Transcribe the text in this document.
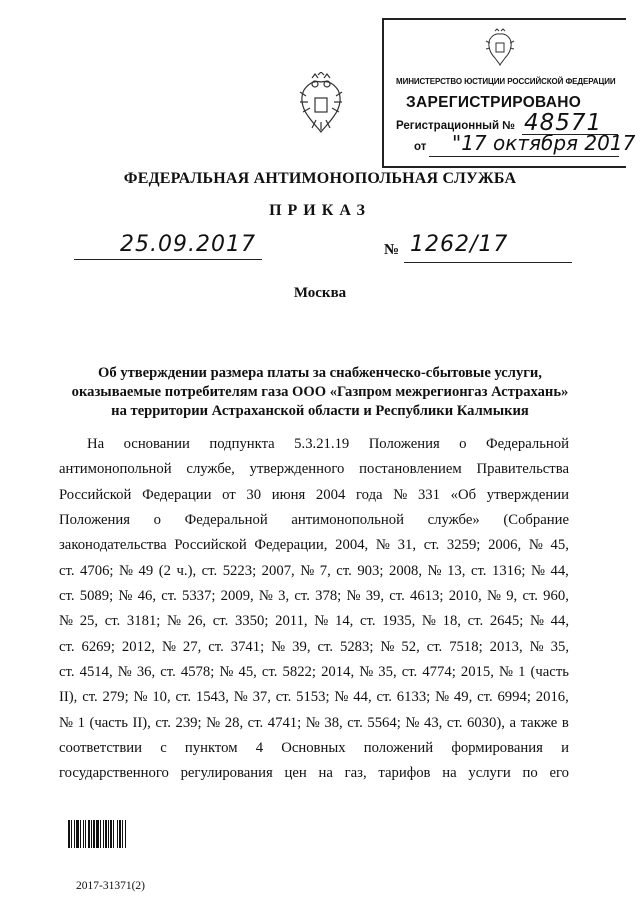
МИНИСТЕРСТВО ЮСТИЦИИ РОССИЙСКОЙ ФЕДЕРАЦИИ
ЗАРЕГИСТРИРОВАНО
Регистрационный № 48571
от "17 октября 2017
ФЕДЕРАЛЬНАЯ АНТИМОНОПОЛЬНАЯ СЛУЖБА
ПРИКАЗ
25.09.2017	№ 1262/17
Москва
Об утверждении размера платы за снабженческо-сбытовые услуги,
оказываемые потребителям газа ООО «Газпром межрегионгаз Астрахань»
на территории Астраханской области и Республики Калмыкия
На основании подпункта 5.3.21.19 Положения о Федеральной
антимонопольной службе, утвержденного постановлением Правительства
Российской Федерации от 30 июня 2004 года № 331 «Об утверждении
Положения о Федеральной антимонопольной службе» (Собрание
законодательства Российской Федерации, 2004, № 31, ст. 3259; 2006, № 45,
ст. 4706; № 49 (2 ч.), ст. 5223; 2007, № 7, ст. 903; 2008, № 13, ст. 1316; № 44,
ст. 5089; № 46, ст. 5337; 2009, № 3, ст. 378; № 39, ст. 4613; 2010, № 9, ст. 960,
№ 25, ст. 3181; № 26, ст. 3350; 2011, № 14, ст. 1935, № 18, ст. 2645; № 44,
ст. 6269; 2012, № 27, ст. 3741; № 39, ст. 5283; № 52, ст. 7518; 2013, № 35,
ст. 4514, № 36, ст. 4578; № 45, ст. 5822; 2014, № 35, ст. 4774; 2015, № 1 (часть
II), ст. 279; № 10, ст. 1543, № 37, ст. 5153; № 44, ст. 6133; № 49, ст. 6994; 2016,
№ 1 (часть II), ст. 239; № 28, ст. 4741; № 38, ст. 5564; № 43, ст. 6030), а также в
соответствии с пунктом 4 Основных положений формирования и
государственного регулирования цен на газ, тарифов на услуги по его
2017-31371(2)
